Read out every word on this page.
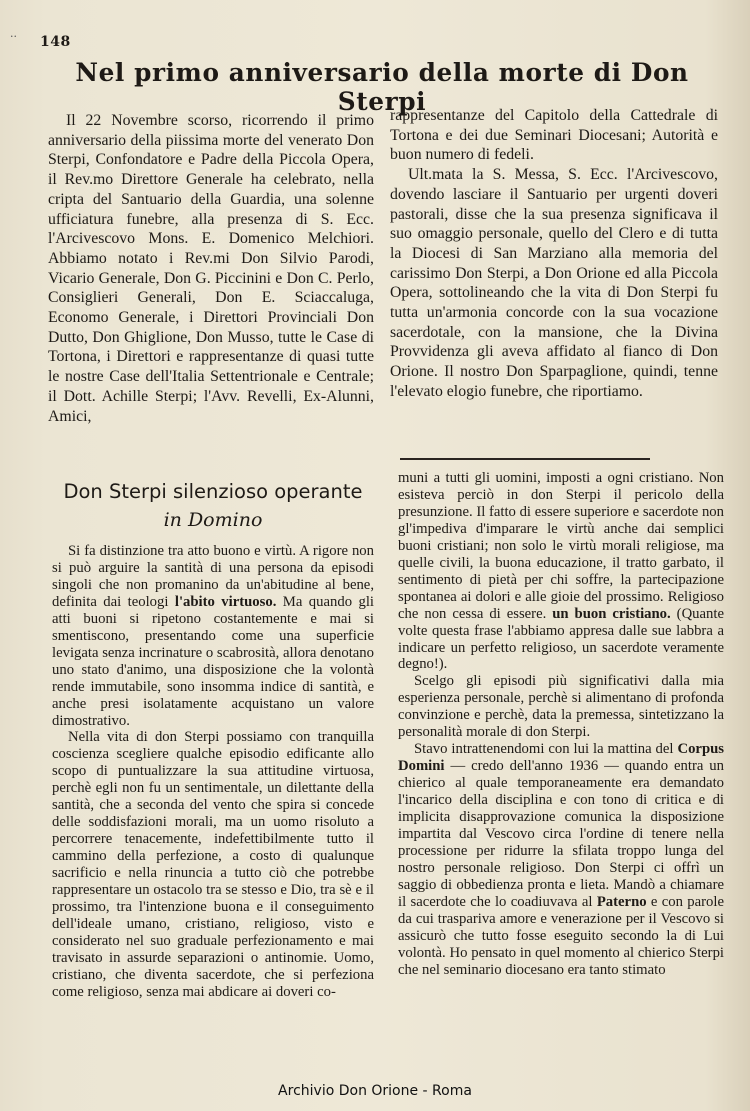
·· 148
Nel primo anniversario della morte di Don Sterpi

Il 22 Novembre scorso, ricorrendo il primo anniversario della piissima morte del venerato Don Sterpi, Confondatore e Padre della Piccola Opera, il Rev.mo Direttore Generale ha celebrato, nella cripta del Santuario della Guardia, una solenne ufficiatura funebre, alla presenza di S. Ecc. l'Arcivescovo Mons. E. Domenico Melchiori. Abbiamo notato i Rev.mi Don Silvio Parodi, Vicario Generale, Don G. Piccinini e Don C. Perlo, Consiglieri Generali, Don E. Sciaccaluga, Economo Generale, i Direttori Provinciali Don Dutto, Don Ghiglione, Don Musso, tutte le Case di Tortona, i Direttori e rappresentanze di quasi tutte le nostre Case dell'Italia Settentrionale e Centrale; il Dott. Achille Sterpi; l'Avv. Revelli, Ex-Alunni, Amici,

rappresentanze del Capitolo della Cattedrale di Tortona e dei due Seminari Diocesani; Autorità e buon numero di fedeli.

Ult.mata la S. Messa, S. Ecc. l'Arcivescovo, dovendo lasciare il Santuario per urgenti doveri pastorali, disse che la sua presenza significava il suo omaggio personale, quello del Clero e di tutta la Diocesi di San Marziano alla memoria del carissimo Don Sterpi, a Don Orione ed alla Piccola Opera, sottolineando che la vita di Don Sterpi fu tutta un'armonia concorde con la sua vocazione sacerdotale, con la mansione, che la Divina Provvidenza gli aveva affidato al fianco di Don Orione. Il nostro Don Sparpaglione, quindi, tenne l'elevato elogio funebre, che riportiamo.

Don Sterpi silenzioso operante
in Domino

Si fa distinzione tra atto buono e virtù. A rigore non si può arguire la santità di una persona da episodi singoli che non promanino da un'abitudine al bene, definita dai teologi l'abito virtuoso. Ma quando gli atti buoni si ripetono costantemente e mai si smentiscono, presentando come una superficie levigata senza incrinature o scabrosità, allora denotano uno stato d'animo, una disposizione che la volontà rende immutabile, sono insomma indice di santità, e anche presi isolatamente acquistano un valore dimostrativo.

Nella vita di don Sterpi possiamo con tranquilla coscienza scegliere qualche episodio edificante allo scopo di puntualizzare la sua attitudine virtuosa, perchè egli non fu un sentimentale, un dilettante della santità, che a seconda del vento che spira si concede delle soddisfazioni morali, ma un uomo risoluto a percorrere tenacemente, indefettibilmente tutto il cammino della perfezione, a costo di qualunque sacrificio e nella rinuncia a tutto ciò che potrebbe rappresentare un ostacolo tra se stesso e Dio, tra sè e il prossimo, tra l'intenzione buona e il conseguimento dell'ideale umano, cristiano, religioso, visto e considerato nel suo graduale perfezionamento e mai travisato in assurde separazioni o antinomie. Uomo, cristiano, che diventa sacerdote, che si perfeziona come religioso, senza mai abdicare ai doveri co-

muni a tutti gli uomini, imposti a ogni cristiano. Non esisteva perciò in don Sterpi il pericolo della presunzione. Il fatto di essere superiore e sacerdote non gl'impediva d'imparare le virtù anche dai semplici buoni cristiani; non solo le virtù morali religiose, ma quelle civili, la buona educazione, il tratto garbato, il sentimento di pietà per chi soffre, la partecipazione spontanea ai dolori e alle gioie del prossimo. Religioso che non cessa di essere. un buon cristiano. (Quante volte questa frase l'abbiamo appresa dalle sue labbra a indicare un perfetto religioso, un sacerdote veramente degno!).

Scelgo gli episodi più significativi dalla mia esperienza personale, perchè si alimentano di profonda convinzione e perchè, data la premessa, sintetizzano la personalità morale di don Sterpi.

Stavo intrattenendomi con lui la mattina del Corpus Domini — credo dell'anno 1936 — quando entra un chierico al quale temporaneamente era demandato l'incarico della disciplina e con tono di critica e di implicita disapprovazione comunica la disposizione impartita dal Vescovo circa l'ordine di tenere nella processione per ridurre la sfilata troppo lunga del nostro personale religioso. Don Sterpi ci offrì un saggio di obbedienza pronta e lieta. Mandò a chiamare il sacerdote che lo coadiuvava al Paterno e con parole da cui traspariva amore e venerazione per il Vescovo si assicurò che tutto fosse eseguito secondo la di Lui volontà. Ho pensato in quel momento al chierico Sterpi che nel seminario diocesano era tanto stimato

Archivio Don Orione - Roma
